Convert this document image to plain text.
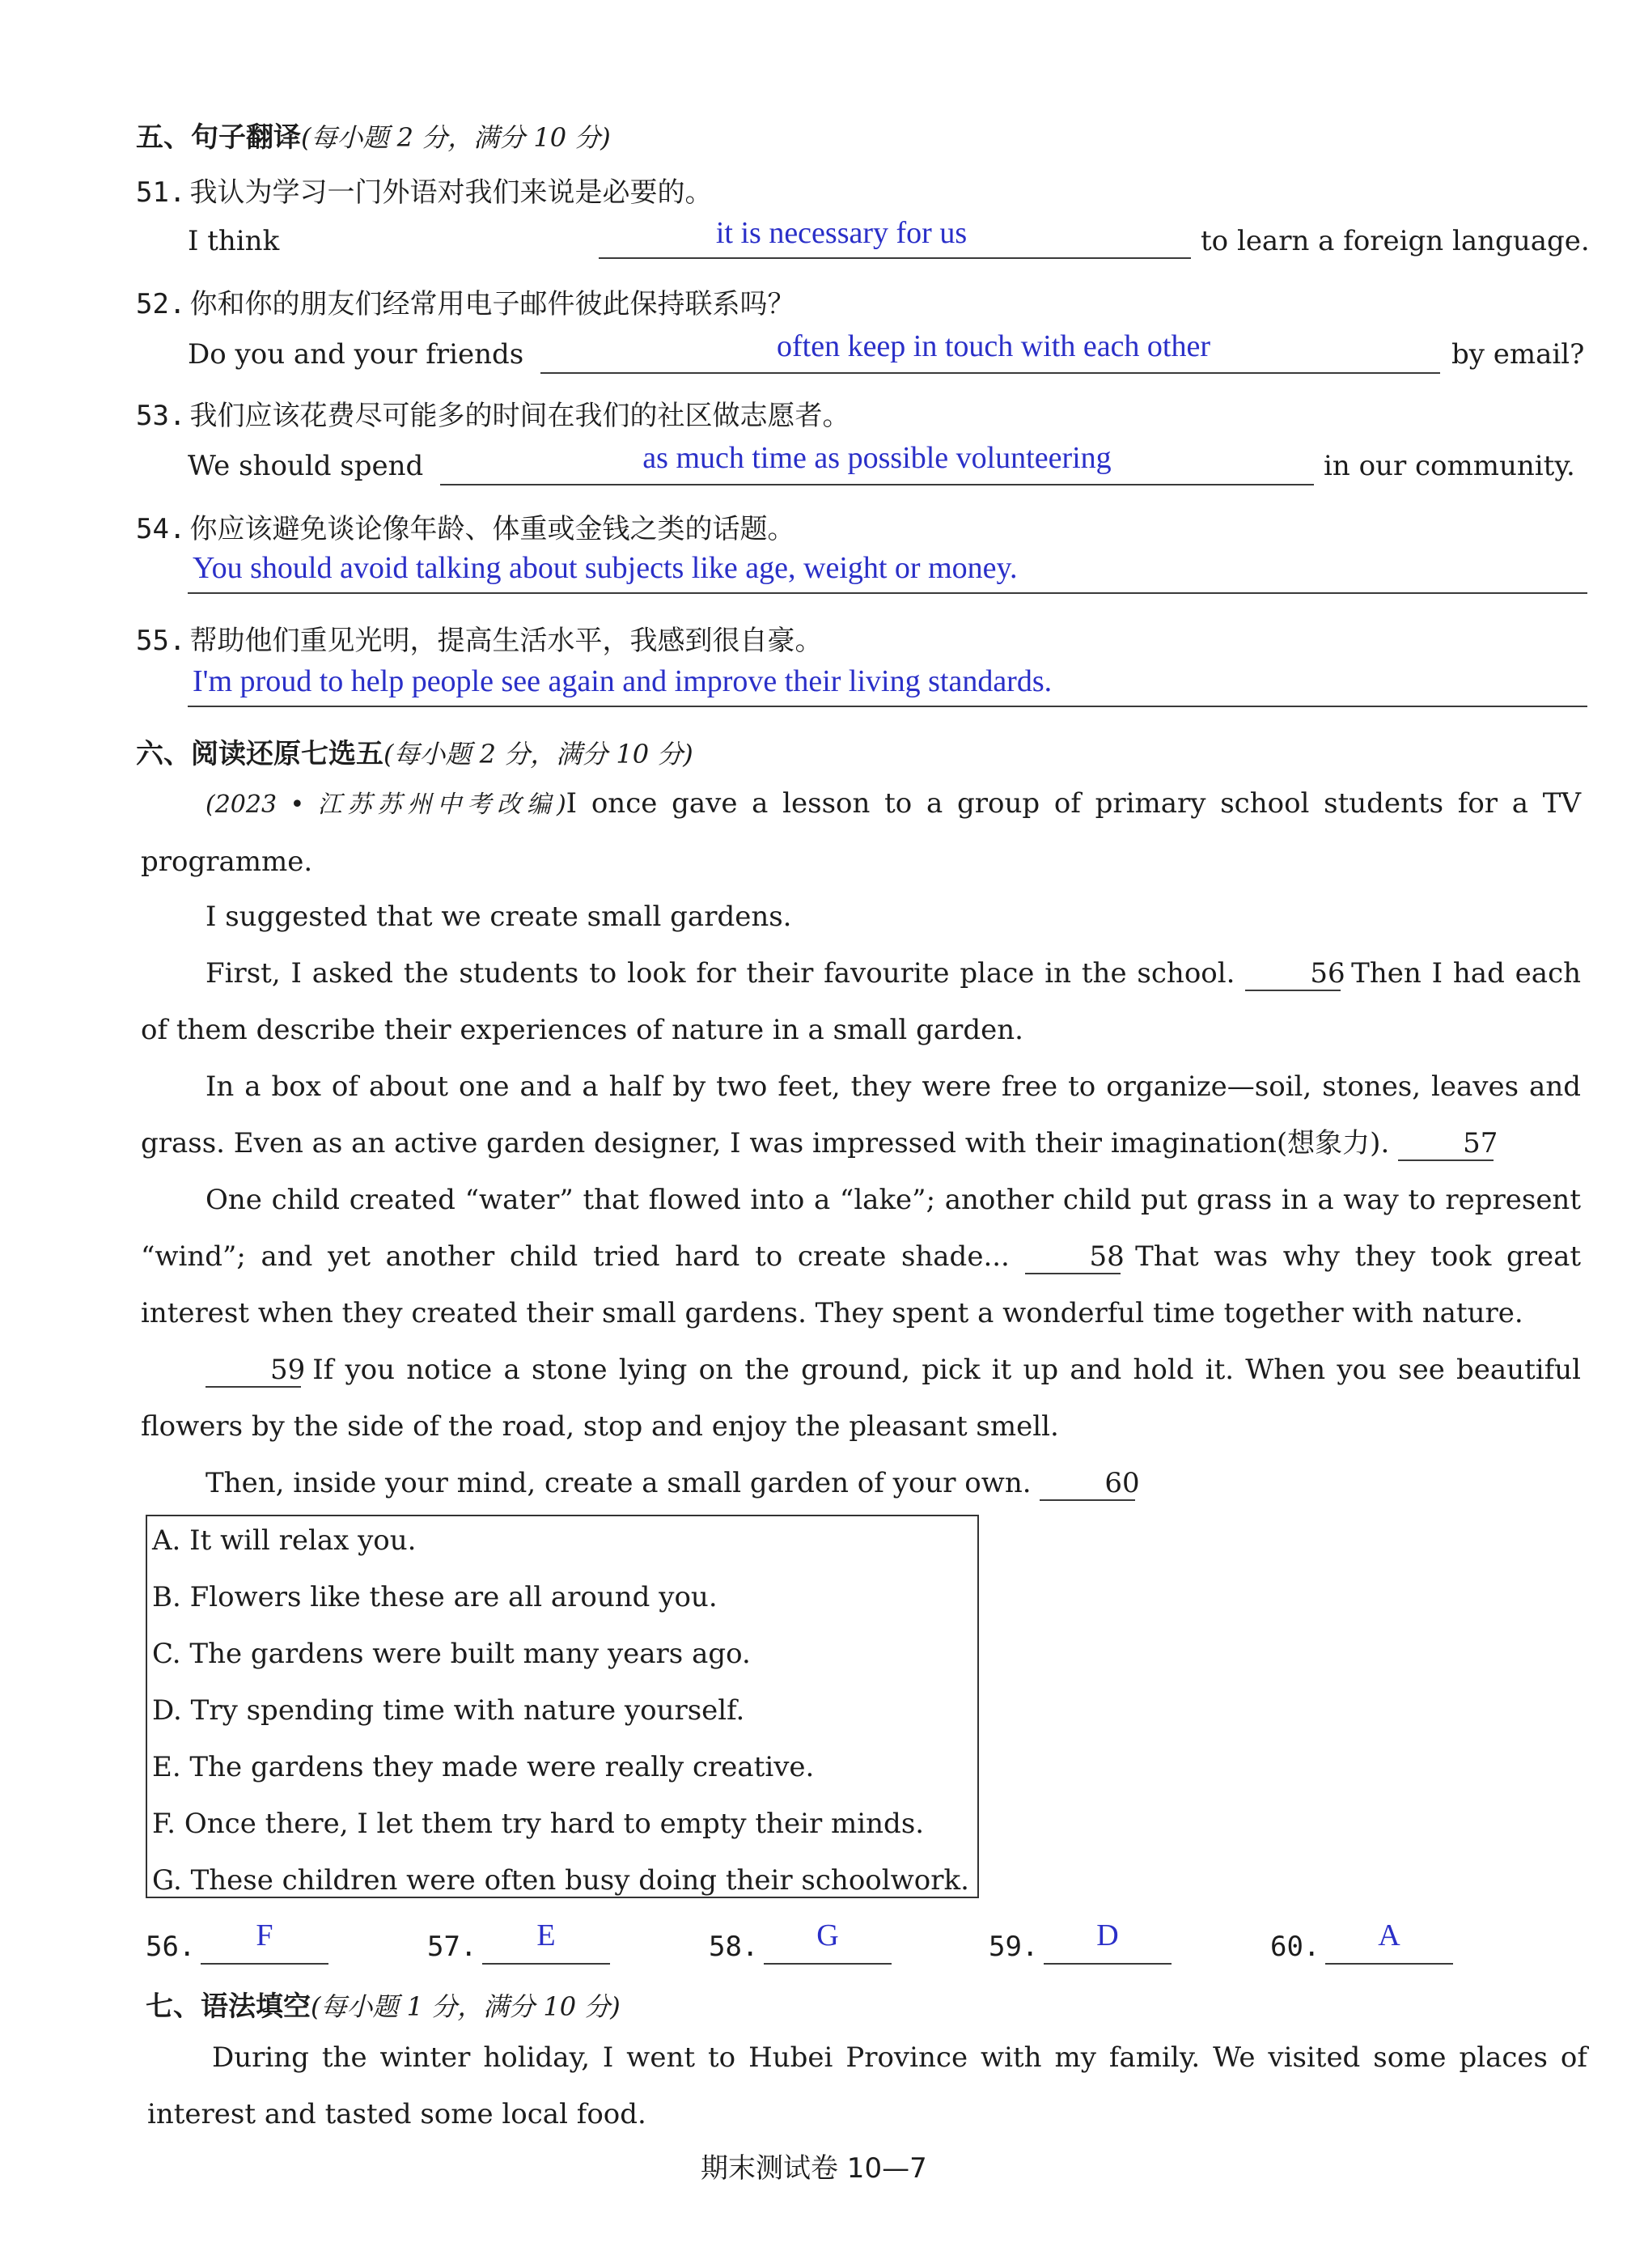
五、句子翻译(每小题 2 分，满分 10 分)
51. 我认为学习一门外语对我们来说是必要的。
I think	it is necessary for us	to learn a foreign language.
52. 你和你的朋友们经常用电子邮件彼此保持联系吗？
Do you and your friends	often keep in touch with each other	by email?
53. 我们应该花费尽可能多的时间在我们的社区做志愿者。
We should spend	as much time as possible volunteering	in our community.
54. 你应该避免谈论像年龄、体重或金钱之类的话题。
You should avoid talking about subjects like age, weight or money.
55. 帮助他们重见光明，提高生活水平，我感到很自豪。
I'm proud to help people see again and improve their living standards.
六、阅读还原七选五(每小题 2 分，满分 10 分)
(2023 • 江苏苏州中考改编)I once gave a lesson to a group of primary school students for a TV programme.
I suggested that we create small gardens.
First, I asked the students to look for their favourite place in the school.	56 Then I had each of them describe their experiences of nature in a small garden.
In a box of about one and a half by two feet, they were free to organize—soil, stones, leaves and grass. Even as an active garden designer, I was impressed with their imagination(想象力).	57
One child created “water” that flowed into a “lake”; another child put grass in a way to represent “wind”; and yet another child tried hard to create shade...	58 That was why they took great interest when they created their small gardens. They spent a wonderful time together with nature.
59 If you notice a stone lying on the ground, pick it up and hold it. When you see beautiful flowers by the side of the road, stop and enjoy the pleasant smell.
Then, inside your mind, create a small garden of your own.	60
A. It will relax you.
B. Flowers like these are all around you.
C. The gardens were built many years ago.
D. Try spending time with nature yourself.
E. The gardens they made were really creative.
F. Once there, I let them try hard to empty their minds.
G. These children were often busy doing their schoolwork.
56.	F	57.	E	58.	G	59.	D	60.	A
七、语法填空(每小题 1 分，满分 10 分)
During the winter holiday, I went to Hubei Province with my family. We visited some places of interest and tasted some local food.
期末测试卷 10—7
